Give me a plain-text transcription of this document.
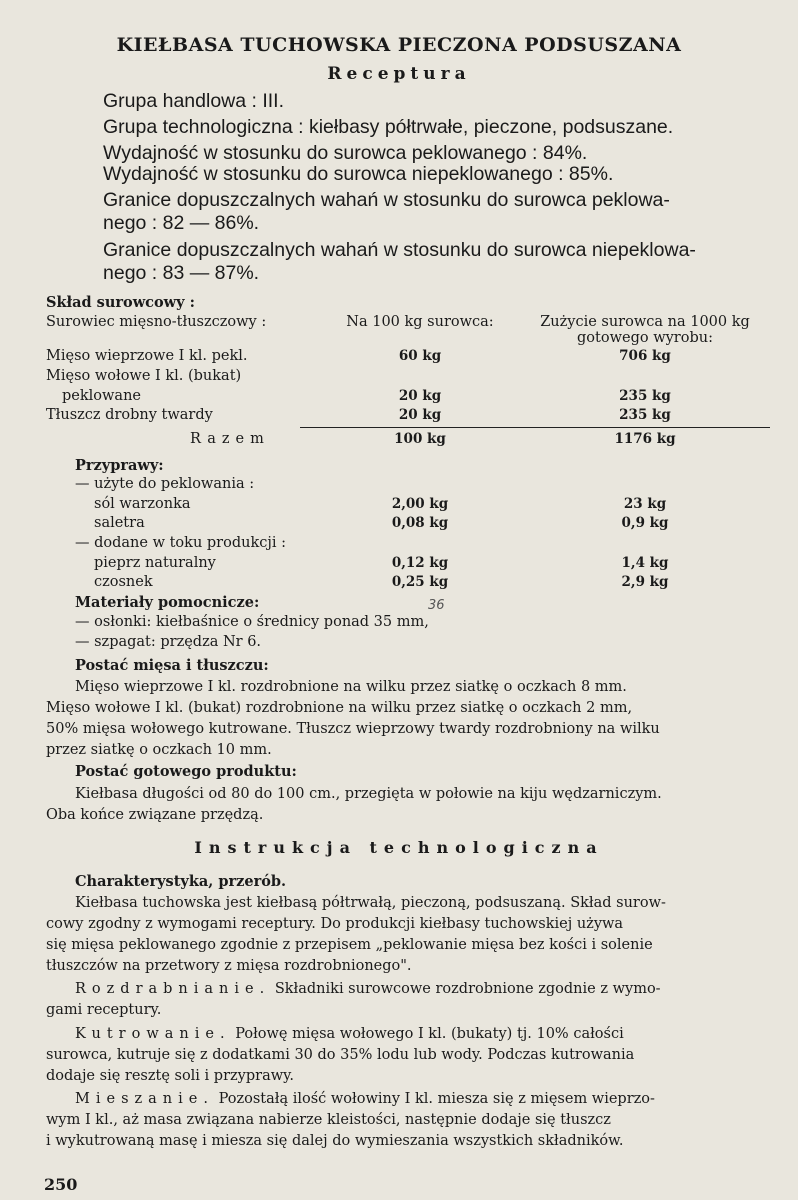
KIEŁBASA TUCHOWSKA PIECZONA PODSUSZANA
Receptura
Grupa handlowa : III.
Grupa technologiczna : kiełbasy półtrwałe, pieczone, podsuszane.
Wydajność w stosunku do surowca peklowanego : 84%.
Wydajność w stosunku do surowca niepeklowanego : 85%.
Granice dopuszczalnych wahań w stosunku do surowca peklowa-
nego : 82 — 86%.
Granice dopuszczalnych wahań w stosunku do surowca niepeklowa-
nego : 83 — 87%.
Skład surowcowy :
Surowiec mięsno-tłuszczowy :	Na 100 kg surowca:	Zużycie surowca na 1000 kg
gotowego wyrobu:
Mięso wieprzowe I kl. pekl.	60 kg	706 kg
Mięso wołowe I kl. (bukat)
peklowane	20 kg	235 kg
Tłuszcz drobny twardy	20 kg	235 kg
Razem	100 kg	1176 kg
Przyprawy:
— użyte do peklowania :
sól warzonka	2,00 kg	23 kg
saletra	0,08 kg	0,9 kg
— dodane w toku produkcji :
pieprz naturalny	0,12 kg	1,4 kg
czosnek	0,25 kg	2,9 kg
Materiały pomocnicze:	36
— osłonki: kiełbaśnice o średnicy ponad 35 mm,
— szpagat: przędza Nr 6.
Postać mięsa i tłuszczu:
Mięso wieprzowe I kl. rozdrobnione na wilku przez siatkę o oczkach 8 mm.
Mięso wołowe I kl. (bukat) rozdrobnione na wilku przez siatkę o oczkach 2 mm,
50% mięsa wołowego kutrowane. Tłuszcz wieprzowy twardy rozdrobniony na wilku
przez siatkę o oczkach 10 mm.
Postać gotowego produktu:
Kiełbasa długości od 80 do 100 cm., przegięta w połowie na kiju wędzarniczym.
Oba końce związane przędzą.
Instrukcja technologiczna
Charakterystyka, przerób.
Kiełbasa tuchowska jest kiełbasą półtrwałą, pieczoną, podsuszaną. Skład surow-
cowy zgodny z wymogami receptury. Do produkcji kiełbasy tuchowskiej używa
się mięsa peklowanego zgodnie z przepisem „peklowanie mięsa bez kości i solenie
tłuszczów na przetwory z mięsa rozdrobnionego".
Rozdrabnianie. Składniki surowcowe rozdrobnione zgodnie z wymo-
gami receptury.
Kutrowanie. Połowę mięsa wołowego I kl. (bukaty) tj. 10% całości
surowca, kutruje się z dodatkami 30 do 35% lodu lub wody. Podczas kutrowania
dodaje się resztę soli i przyprawy.
Mieszanie. Pozostałą ilość wołowiny I kl. miesza się z mięsem wieprzo-
wym I kl., aż masa związana nabierze kleistości, następnie dodaje się tłuszcz
i wykutrowaną masę i miesza się dalej do wymieszania wszystkich składników.
250
